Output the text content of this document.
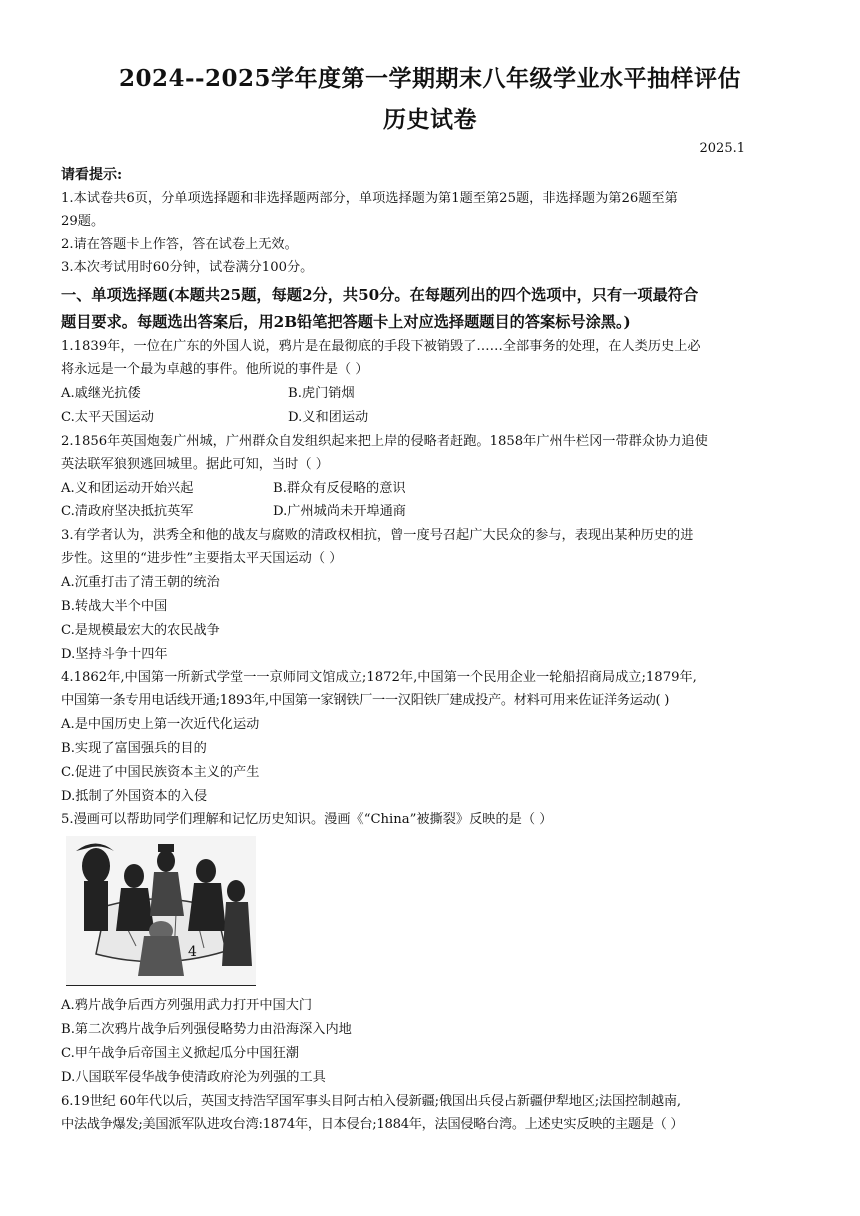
2024--2025学年度第一学期期末八年级学业水平抽样评估
历史试卷
2025.1
请看提示:
1.本试卷共6页，分单项选择题和非选择题两部分，单项选择题为第1题至第25题，非选择题为第26题至第
29题。
2.请在答题卡上作答，答在试卷上无效。
3.本次考试用时60分钟，试卷满分100分。
一、单项选择题(本题共25题，每题2分，共50分。在每题列出的四个选项中，只有一项最符合
题目要求。每题选出答案后，用2B铅笔把答题卡上对应选择题题目的答案标号涂黑。)
1.1839年，一位在广东的外国人说，鸦片是在最彻底的手段下被销毁了……全部事务的处理，在人类历史上必
将永远是一个最为卓越的事件。他所说的事件是（ ）
A.戚继光抗倭	B.虎门销烟
C.太平天国运动	D.义和团运动
2.1856年英国炮轰广州城，广州群众自发组织起来把上岸的侵略者赶跑。1858年广州牛栏冈一带群众协力追使
英法联军狼狈逃回城里。据此可知，当时（ ）
A.义和团运动开始兴起	B.群众有反侵略的意识
C.清政府坚决抵抗英军	D.广州城尚未开埠通商
3.有学者认为，洪秀全和他的战友与腐败的清政权相抗，曾一度号召起广大民众的参与，表现出某种历史的进
步性。这里的“进步性”主要指太平天国运动（ ）
A.沉重打击了清王朝的统治
B.转战大半个中国
C.是规模最宏大的农民战争
D.坚持斗争十四年
4.1862年,中国第一所新式学堂一一京师同文馆成立;1872年,中国第一个民用企业一轮船招商局成立;1879年,
中国第一条专用电话线开通;1893年,中国第一家钢铁厂一一汉阳铁厂建成投产。材料可用来佐证洋务运动( )
A.是中国历史上第一次近代化运动
B.实现了富国强兵的目的
C.促进了中国民族资本主义的产生
D.抵制了外国资本的入侵
5.漫画可以帮助同学们理解和记忆历史知识。漫画《“China”被撕裂》反映的是（ ）
4
A.鸦片战争后西方列强用武力打开中国大门
B.第二次鸦片战争后列强侵略势力由沿海深入内地
C.甲午战争后帝国主义掀起瓜分中国狂潮
D.八国联军侵华战争使清政府沦为列强的工具
6.19世纪 60年代以后，英国支持浩罕国军事头目阿古柏入侵新疆;俄国出兵侵占新疆伊犁地区;法国控制越南,
中法战争爆发;美国派军队进攻台湾:1874年，日本侵台;1884年，法国侵略台湾。上述史实反映的主题是（ ）
